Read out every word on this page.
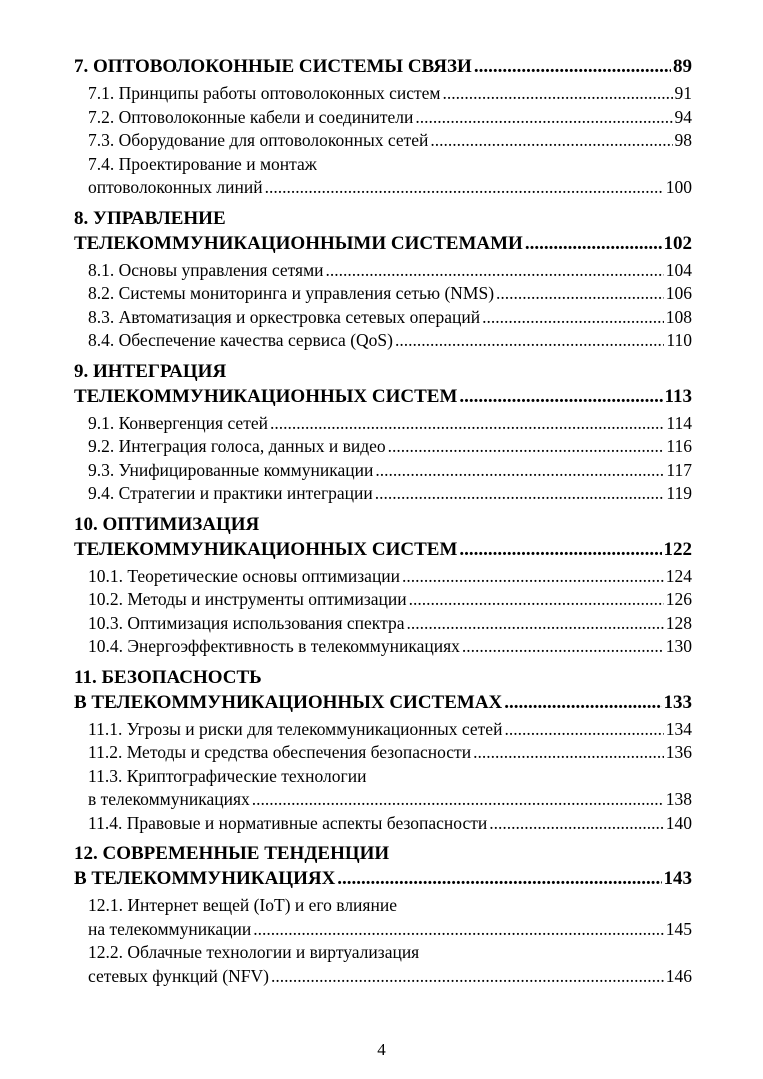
7. ОПТОВОЛОКОННЫЕ СИСТЕМЫ СВЯЗИ .....	89
7.1. Принципы работы оптоволоконных систем .....	91
7.2. Оптоволоконные кабели и соединители .....	94
7.3. Оборудование для оптоволоконных сетей .....	98
7.4. Проектирование и монтаж
оптоволоконных линий .....	100
8. УПРАВЛЕНИЕ
ТЕЛЕКОММУНИКАЦИОННЫМИ СИСТЕМАМИ .....	102
8.1. Основы управления сетями .....	104
8.2. Системы мониторинга и управления сетью (NMS) .....	106
8.3. Автоматизация и оркестровка сетевых операций .....	108
8.4. Обеспечение качества сервиса (QoS) .....	110
9. ИНТЕГРАЦИЯ
ТЕЛЕКОММУНИКАЦИОННЫХ СИСТЕМ .....	113
9.1. Конвергенция сетей .....	114
9.2. Интеграция голоса, данных и видео .....	116
9.3. Унифицированные коммуникации .....	117
9.4. Стратегии и практики интеграции .....	119
10. ОПТИМИЗАЦИЯ
ТЕЛЕКОММУНИКАЦИОННЫХ СИСТЕМ .....	122
10.1. Теоретические основы оптимизации .....	124
10.2. Методы и инструменты оптимизации .....	126
10.3. Оптимизация использования спектра .....	128
10.4. Энергоэффективность в телекоммуникациях .....	130
11. БЕЗОПАСНОСТЬ
В ТЕЛЕКОММУНИКАЦИОННЫХ СИСТЕМАХ .....	133
11.1. Угрозы и риски для телекоммуникационных сетей .....	134
11.2. Методы и средства обеспечения безопасности .....	136
11.3. Криптографические технологии
в телекоммуникациях .....	138
11.4. Правовые и нормативные аспекты безопасности .....	140
12. СОВРЕМЕННЫЕ ТЕНДЕНЦИИ
В ТЕЛЕКОММУНИКАЦИЯХ .....	143
12.1. Интернет вещей (IoT) и его влияние
на телекоммуникации .....	145
12.2. Облачные технологии и виртуализация
сетевых функций (NFV) .....	146
4
